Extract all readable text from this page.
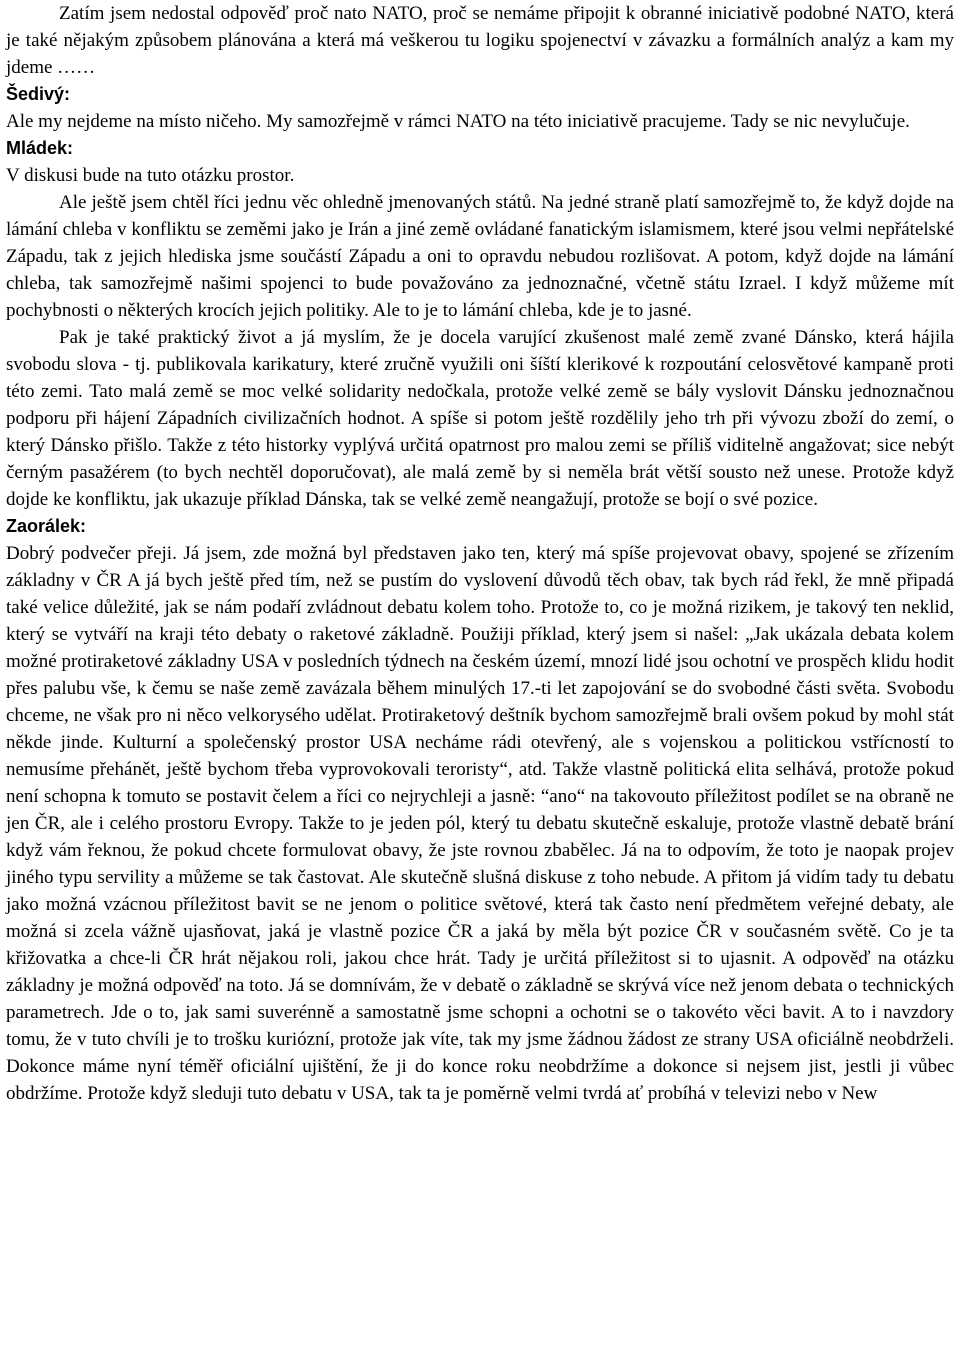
Zatím jsem nedostal odpověď proč nato NATO, proč se nemáme připojit k obranné iniciativě podobné NATO, která je také nějakým způsobem plánována a která má veškerou tu logiku spojenectví v závazku a formálních analýz a kam my jdeme ……

Šedivý:

Ale my nejdeme na místo ničeho. My samozřejmě v rámci NATO na této iniciativě pracujeme. Tady se nic nevylučuje.

Mládek:

V diskusi bude na tuto otázku prostor.

Ale ještě jsem chtěl říci jednu věc ohledně jmenovaných států. Na jedné straně platí samozřejmě to, že když dojde na lámání chleba v konfliktu se zeměmi jako je Irán a jiné země ovládané fanatickým islamismem, které jsou velmi nepřátelské Západu, tak z jejich hlediska jsme součástí Západu a oni to opravdu nebudou rozlišovat. A potom, když dojde na lámání chleba, tak samozřejmě našimi spojenci to bude považováno za jednoznačné, včetně státu Izrael. I když můžeme mít pochybnosti o některých krocích jejich politiky. Ale to je to lámání chleba, kde je to jasné.

Pak je také praktický život a já myslím, že je docela varující zkušenost malé země zvané Dánsko, která hájila svobodu slova - tj. publikovala karikatury, které zručně využili oni šíští klerikové k rozpoutání celosvětové kampaně proti této zemi. Tato malá země se moc velké solidarity nedočkala, protože velké země se bály vyslovit Dánsku jednoznačnou podporu při hájení Západních civilizačních hodnot. A spíše si potom ještě rozdělily jeho trh při vývozu zboží do zemí, o který Dánsko přišlo. Takže z této historky vyplývá určitá opatrnost pro malou zemi se příliš viditelně angažovat; sice nebýt černým pasažérem (to bych nechtěl doporučovat), ale malá země by si neměla brát větší sousto než unese. Protože když dojde ke konfliktu, jak ukazuje příklad Dánska, tak se velké země neangažují, protože se bojí o své pozice.

Zaorálek:

Dobrý podvečer přeji. Já jsem, zde možná byl představen jako ten, který má spíše projevovat obavy, spojené se zřízením základny v ČR A já bych ještě před tím, než se pustím do vyslovení důvodů těch obav, tak bych rád řekl, že mně připadá také velice důležité, jak se nám podaří zvládnout debatu kolem toho. Protože to, co je možná rizikem, je takový ten neklid, který se vytváří na kraji této debaty o raketové základně. Použiji příklad, který jsem si našel: „Jak ukázala debata kolem možné protiraketové základny USA v posledních týdnech na českém území, mnozí lidé jsou ochotní ve prospěch klidu hodit přes palubu vše, k čemu se naše země zavázala během minulých 17.-ti let zapojování se do svobodné části světa. Svobodu chceme, ne však pro ni něco velkorysého udělat. Protiraketový deštník bychom samozřejmě brali ovšem pokud by mohl stát někde jinde. Kulturní a společenský prostor USA necháme rádi otevřený, ale s vojenskou a politickou vstřícností to nemusíme přehánět, ještě bychom třeba vyprovokovali teroristy“, atd. Takže vlastně politická elita selhává, protože pokud není schopna k tomuto se postavit čelem a říci co nejrychleji a jasně: “ano“ na takovouto příležitost podílet se na obraně ne jen ČR, ale i celého prostoru Evropy. Takže to je jeden pól, který tu debatu skutečně eskaluje, protože vlastně debatě brání když vám řeknou, že pokud chcete formulovat obavy, že jste rovnou zbabělec. Já na to odpovím, že toto je naopak projev jiného typu servility a můžeme se tak častovat. Ale skutečně slušná diskuse z toho nebude. A přitom já vidím tady tu debatu jako možná vzácnou příležitost bavit se ne jenom o politice světové, která tak často není předmětem veřejné debaty, ale možná si zcela vážně ujasňovat, jaká je vlastně pozice ČR a jaká by měla být pozice ČR v současném světě. Co je ta křižovatka a chce-li ČR hrát nějakou roli, jakou chce hrát. Tady je určitá příležitost si to ujasnit. A odpověď na otázku základny je možná odpověď na toto. Já se domnívám, že v debatě o základně se skrývá více než jenom debata o technických parametrech. Jde o to, jak sami suverénně a samostatně jsme schopni a ochotni se o takovéto věci bavit. A to i navzdory tomu, že v tuto chvíli je to trošku kuriózní, protože jak víte, tak my jsme žádnou žádost ze strany USA oficiálně neobdrželi. Dokonce máme nyní téměř oficiální ujištění, že ji do konce roku neobdržíme a dokonce si nejsem jist, jestli ji vůbec obdržíme. Protože když sleduji tuto debatu v USA, tak ta je poměrně velmi tvrdá ať probíhá v televizi nebo v New
